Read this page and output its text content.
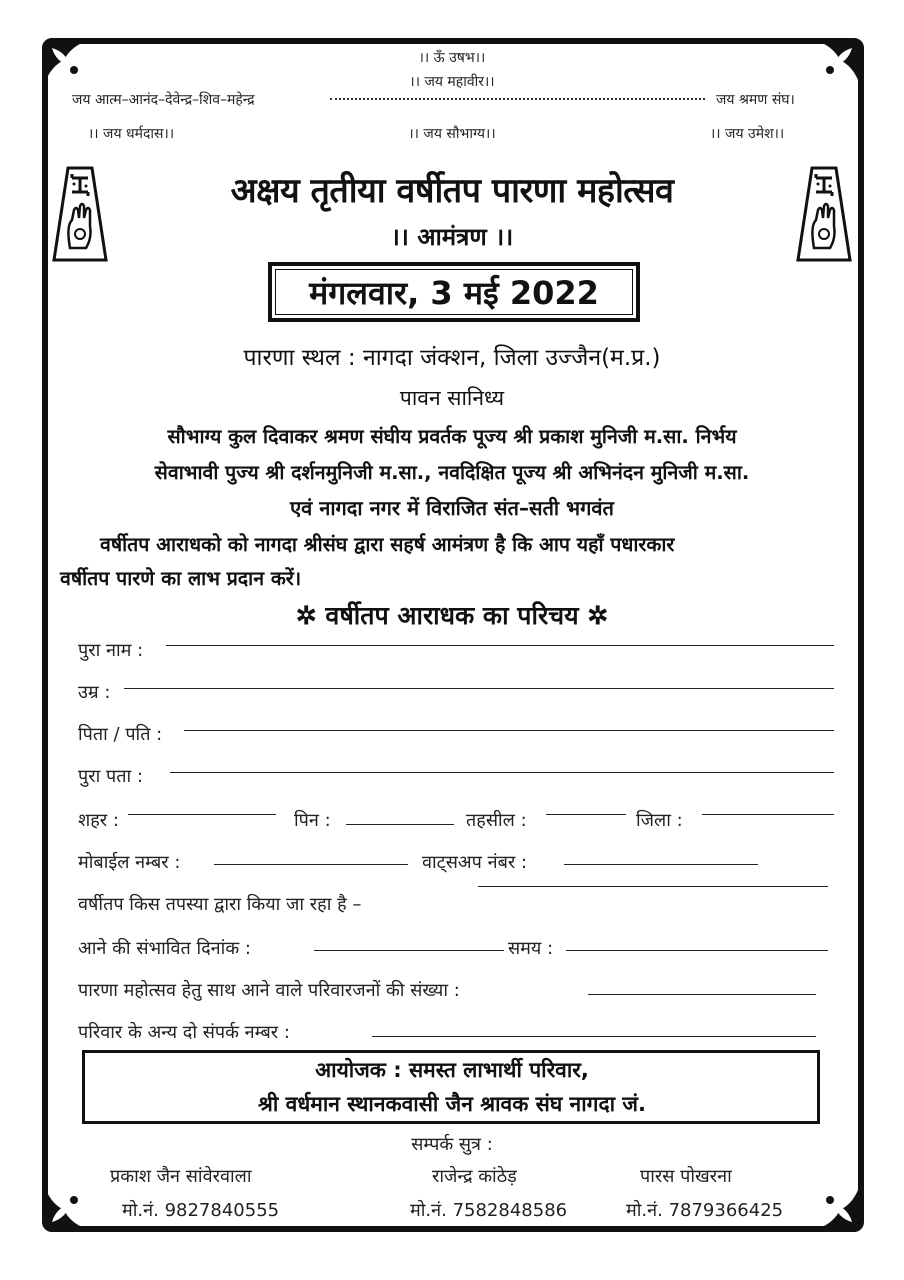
।। ऊँ उषभ।।
।। जय महावीर।।
जय आत्म–आनंद–देवेन्द्र–शिव–महेन्द्र	जय श्रमण संघ।
।। जय धर्मदास।।	।। जय सौभाग्य।।	।। जय उमेश।।
अक्षय तृतीया वर्षीतप पारणा महोत्सव
।। आमंत्रण ।।
मंगलवार, 3 मई 2022
पारणा स्थल : नागदा जंक्शन, जिला उज्जैन(म.प्र.)
पावन सानिध्य
सौभाग्य कुल दिवाकर श्रमण संघीय प्रवर्तक पूज्य श्री प्रकाश मुनिजी म.सा. निर्भय
सेवाभावी पुज्य श्री दर्शनमुनिजी म.सा., नवदिक्षित पूज्य श्री अभिनंदन मुनिजी म.सा.
एवं नागदा नगर में विराजित संत–सती भगवंत
वर्षीतप आराधको को नागदा श्रीसंघ द्वारा सहर्ष आमंत्रण है कि आप यहाँ पधारकार
वर्षीतप पारणे का लाभ प्रदान करें।
✲ वर्षीतप आराधक का परिचय ✲
पुरा नाम :
उम्र :
पिता / पति :
पुरा पता :
शहर :	पिन :	तहसील :	जिला :
मोबाईल नम्बर :	वाट्सअप नंबर :
वर्षीतप किस तपस्या द्वारा किया जा रहा है –
आने की संभावित दिनांक :	समय :
पारणा महोत्सव हेतु साथ आने वाले परिवारजनों की संख्या :
परिवार के अन्य दो संपर्क नम्बर :
आयोजक : समस्त लाभार्थी परिवार,
श्री वर्धमान स्थानकवासी जैन श्रावक संघ नागदा जं.
सम्पर्क सुत्र :
प्रकाश जैन सांवेरवाला
मो.नं. 9827840555
राजेन्द्र कांठेड़
मो.नं. 7582848586
पारस पोखरना
मो.नं. 7879366425
